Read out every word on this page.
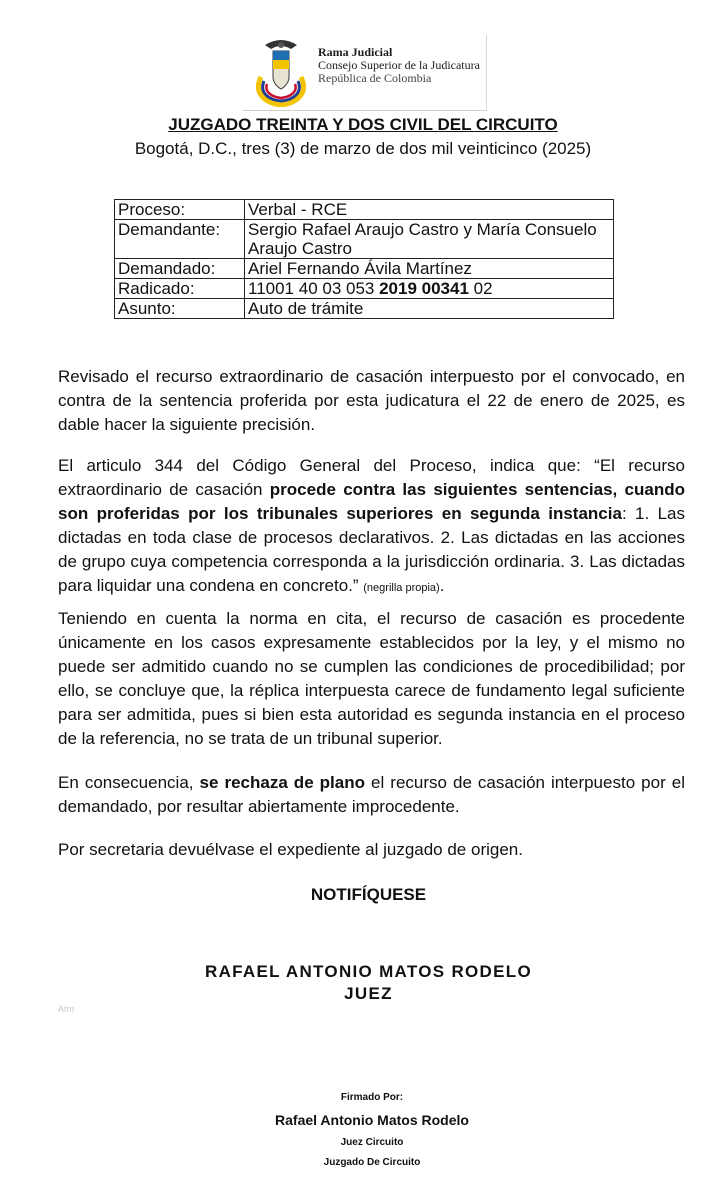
Rama Judicial
Consejo Superior de la Judicatura
República de Colombia
JUZGADO TREINTA Y DOS CIVIL DEL CIRCUITO
Bogotá, D.C., tres (3) de marzo de dos mil veinticinco (2025)
Proceso:	Verbal - RCE
Demandante:	Sergio Rafael Araujo Castro y María Consuelo
Araujo Castro
Demandado:	Ariel Fernando Ávila Martínez
Radicado:	11001 40 03 053 2019 00341 02
Asunto:	Auto de trámite

Revisado el recurso extraordinario de casación interpuesto por el convocado, en contra de la sentencia proferida por esta judicatura el 22 de enero de 2025, es dable hacer la siguiente precisión.

El articulo 344 del Código General del Proceso, indica que: “El recurso extraordinario de casación procede contra las siguientes sentencias, cuando son proferidas por los tribunales superiores en segunda instancia: 1. Las dictadas en toda clase de procesos declarativos. 2. Las dictadas en las acciones de grupo cuya competencia corresponda a la jurisdicción ordinaria. 3. Las dictadas para liquidar una condena en concreto.” (negrilla propia).

Teniendo en cuenta la norma en cita, el recurso de casación es procedente únicamente en los casos expresamente establecidos por la ley, y el mismo no puede ser admitido cuando no se cumplen las condiciones de procedibilidad; por ello, se concluye que, la réplica interpuesta carece de fundamento legal suficiente para ser admitida, pues si bien esta autoridad es segunda instancia en el proceso de la referencia, no se trata de un tribunal superior.

En consecuencia, se rechaza de plano el recurso de casación interpuesto por el demandado, por resultar abiertamente improcedente.

Por secretaria devuélvase el expediente al juzgado de origen.

NOTIFÍQUESE
RAFAEL ANTONIO MATOS RODELO
JUEZ
Atm
Firmado Por:
Rafael Antonio Matos Rodelo
Juez Circuito
Juzgado De Circuito
